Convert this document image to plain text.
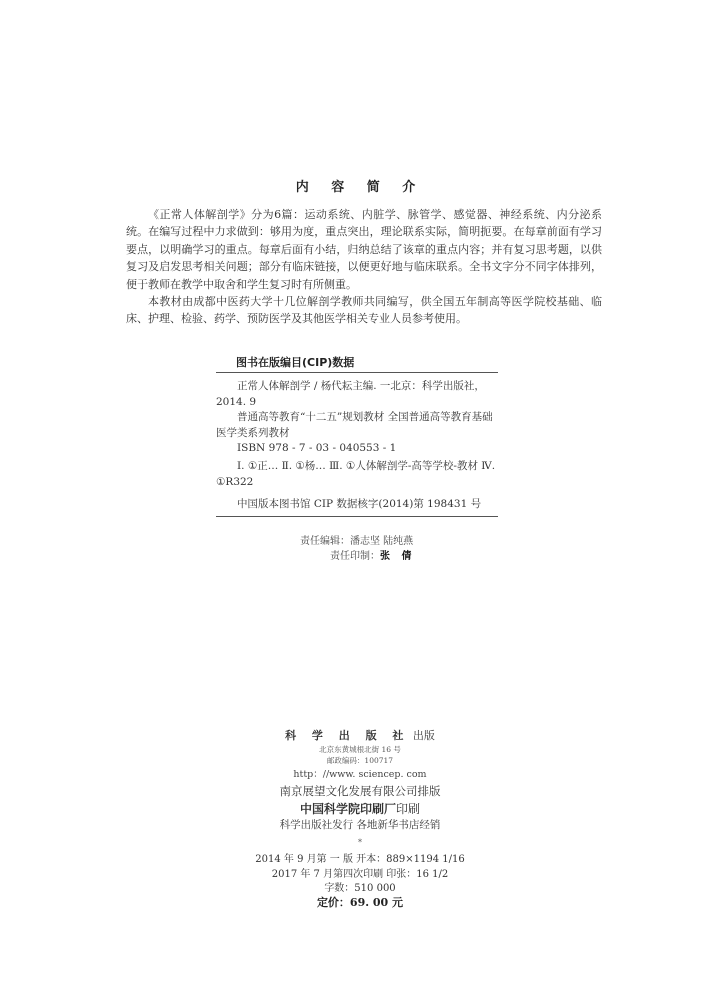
内 容 简 介

《正常人体解剖学》分为6篇：运动系统、内脏学、脉管学、感觉器、神经系统、内分泌系统。在编写过程中力求做到：够用为度，重点突出，理论联系实际，简明扼要。在每章前面有学习要点，以明确学习的重点。每章后面有小结，归纳总结了该章的重点内容；并有复习思考题，以供复习及启发思考相关问题；部分有临床链接，以便更好地与临床联系。全书文字分不同字体排列，便于教师在教学中取舍和学生复习时有所侧重。

本教材由成都中医药大学十几位解剖学教师共同编写，供全国五年制高等医学院校基础、临床、护理、检验、药学、预防医学及其他医学相关专业人员参考使用。

图书在版编目(CIP)数据

正常人体解剖学 / 杨代耘主编. 一北京：科学出版社，2014. 9

普通高等教育“十二五”规划教材 全国普通高等教育基础医学类系列教材

ISBN 978 - 7 - 03 - 040553 - 1

Ⅰ. ①正… Ⅱ. ①杨… Ⅲ. ①人体解剖学-高等学校-教材 Ⅳ. ①R322

中国版本图书馆 CIP 数据核字(2014)第 198431 号

责任编辑：潘志坚 陆纯燕
责任印制：张 倩
科 学 出 版 社 出版
北京东黄城根北街 16 号
邮政编码：100717
http：//www. sciencep. com
南京展望文化发展有限公司排版
中国科学院印刷厂印刷
科学出版社发行 各地新华书店经销
*
2014 年 9 月第 一 版 开本：889×1194 1/16
2017 年 7 月第四次印刷 印张：16 1/2
字数：510 000
定价：69. 00 元
